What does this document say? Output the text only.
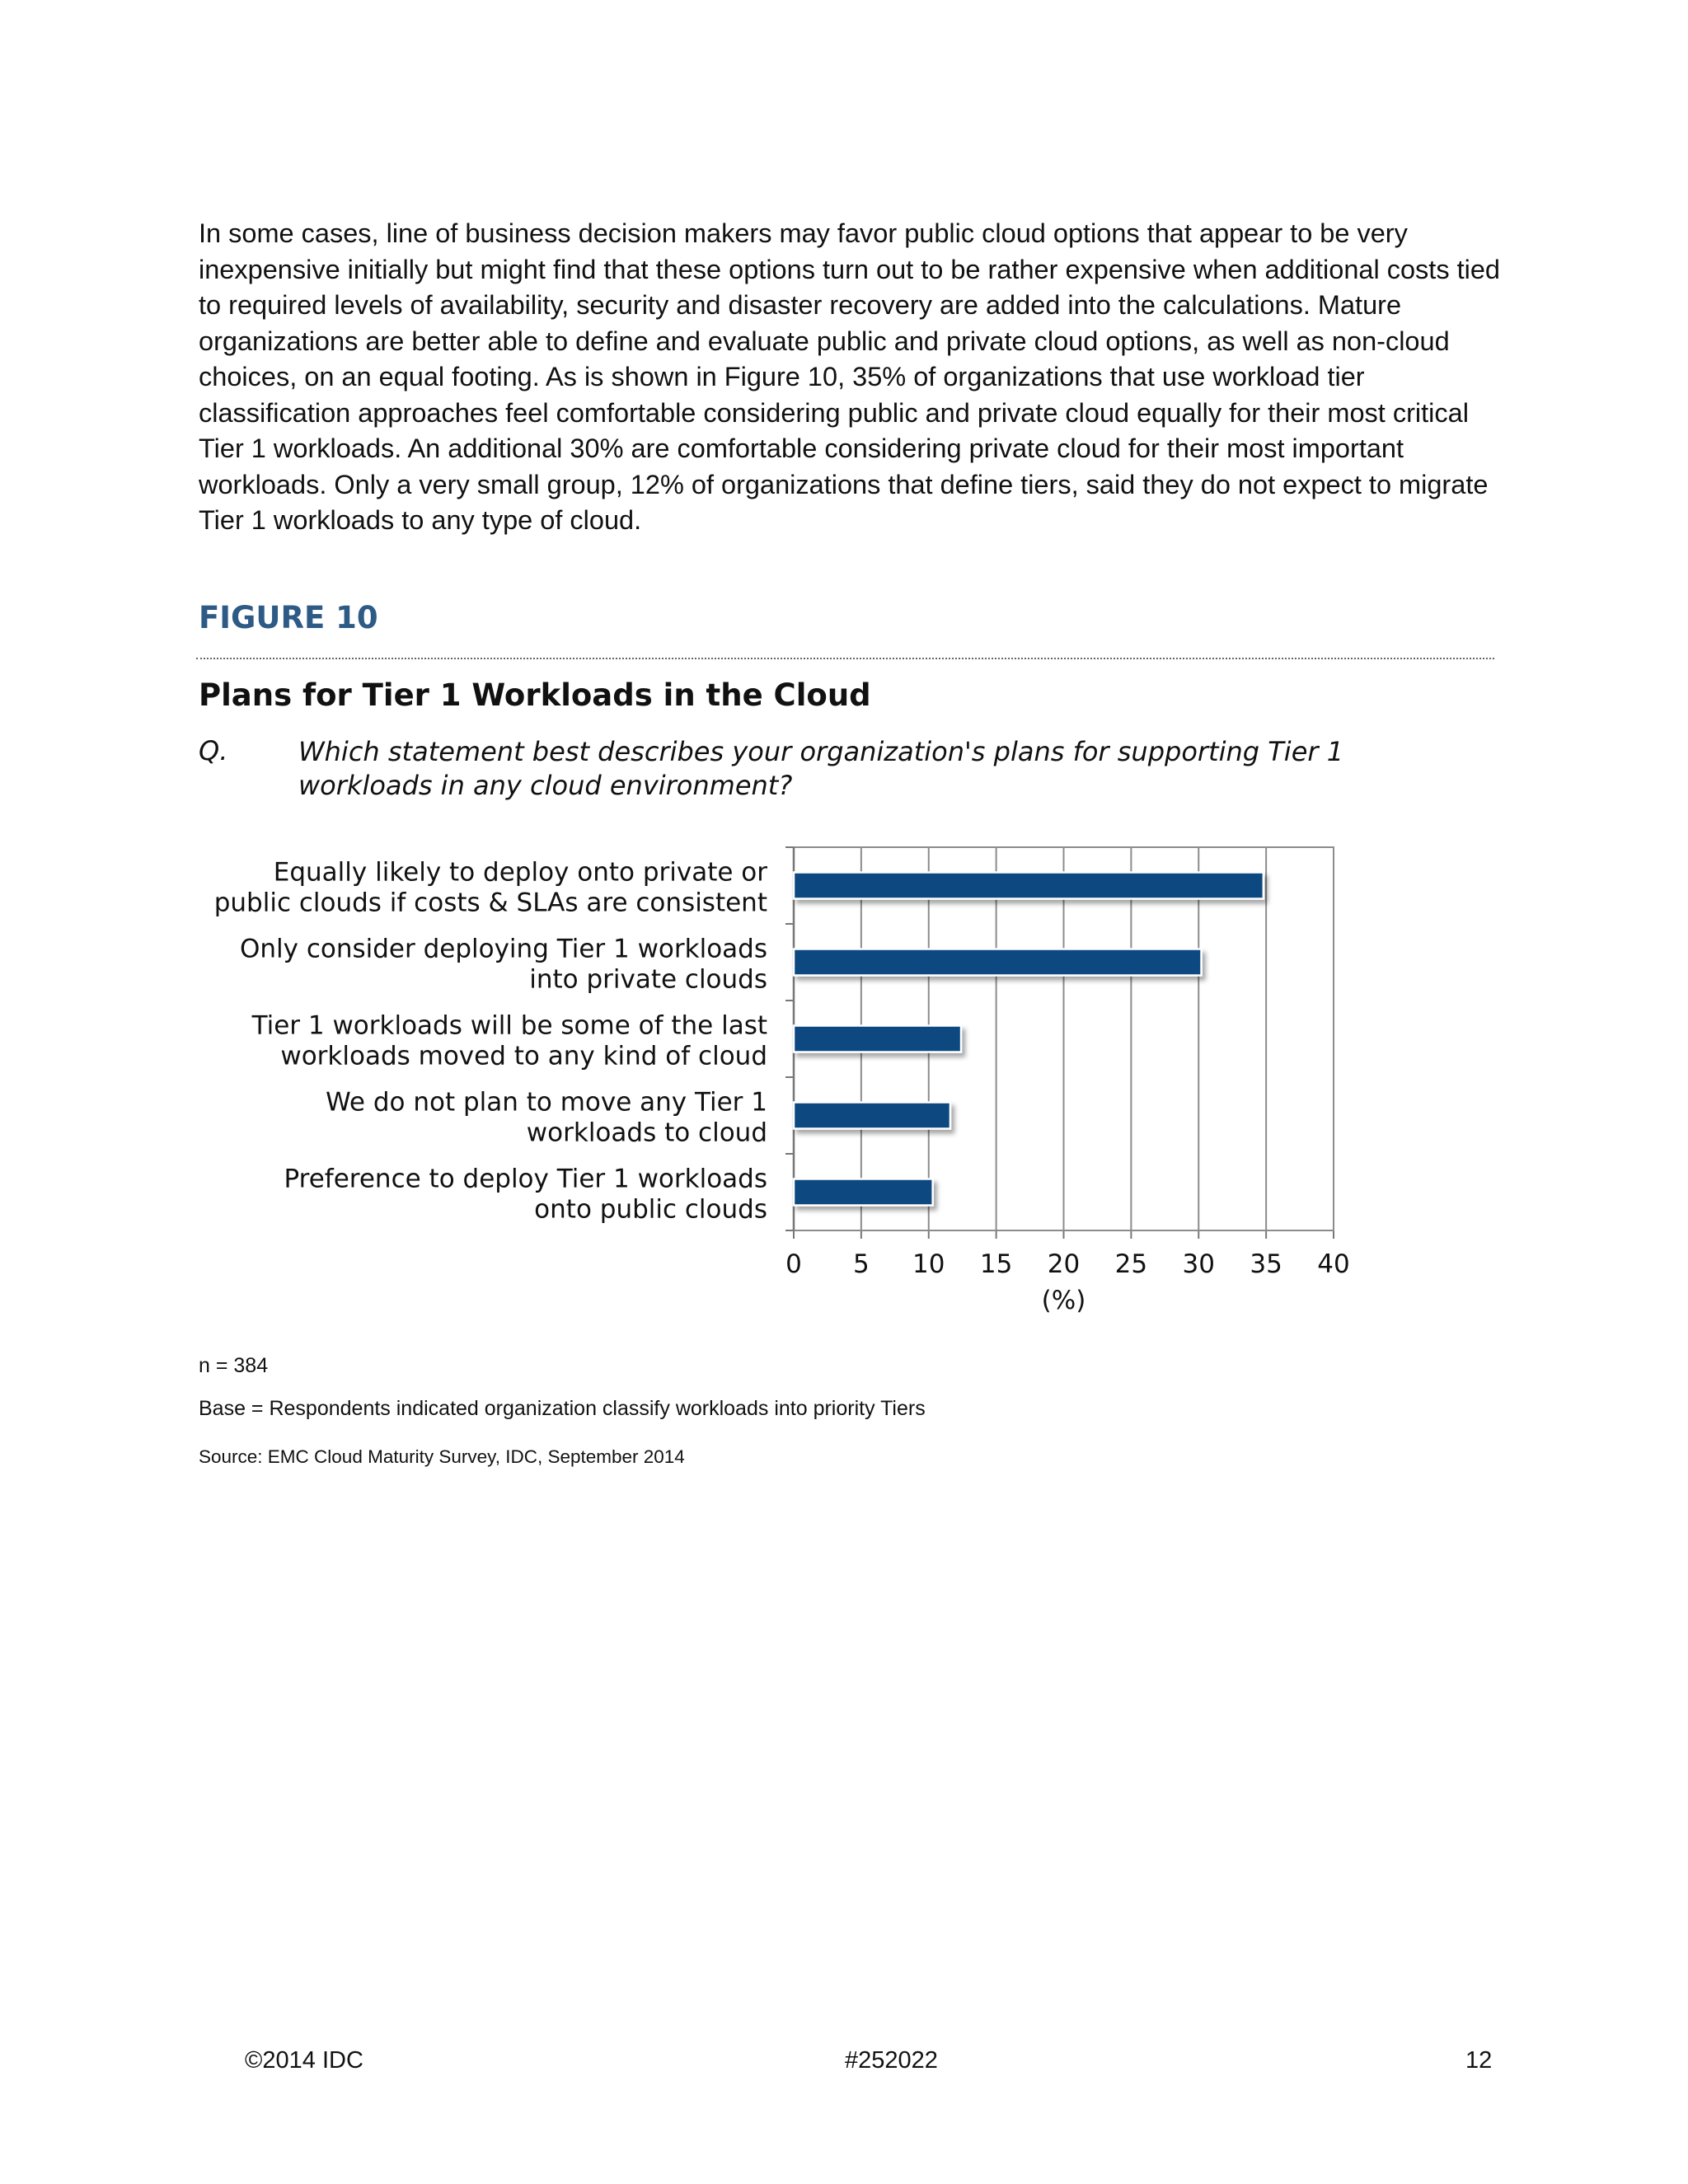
In some cases, line of business decision makers may favor public cloud options that appear to be very inexpensive initially but might find that these options turn out to be rather expensive when additional costs tied to required levels of availability, security and disaster recovery are added into the calculations. Mature organizations are better able to define and evaluate public and private cloud options, as well as non-cloud choices, on an equal footing. As is shown in Figure 10, 35% of organizations that use workload tier classification approaches feel comfortable considering public and private cloud equally for their most critical Tier 1 workloads. An additional 30% are comfortable considering private cloud for their most important workloads. Only a very small group, 12% of organizations that define tiers, said they do not expect to migrate Tier 1 workloads to any type of cloud.

FIGURE 10

Plans for Tier 1 Workloads in the Cloud

Q.	Which statement best describes your organization's plans for supporting Tier 1 workloads in any cloud environment?

0 5 10 15 20 25 30 35 40
Equally likely to deploy onto private or public clouds if costs & SLAs are consistent
Only consider deploying Tier 1 workloads into private clouds
Tier 1 workloads will be some of the last workloads moved to any kind of cloud
We do not plan to move any Tier 1 workloads to cloud
Preference to deploy Tier 1 workloads onto public clouds
(%)

n = 384

Base = Respondents indicated organization classify workloads into priority Tiers

Source: EMC Cloud Maturity Survey, IDC, September 2014

©2014 IDC	#252022	12
